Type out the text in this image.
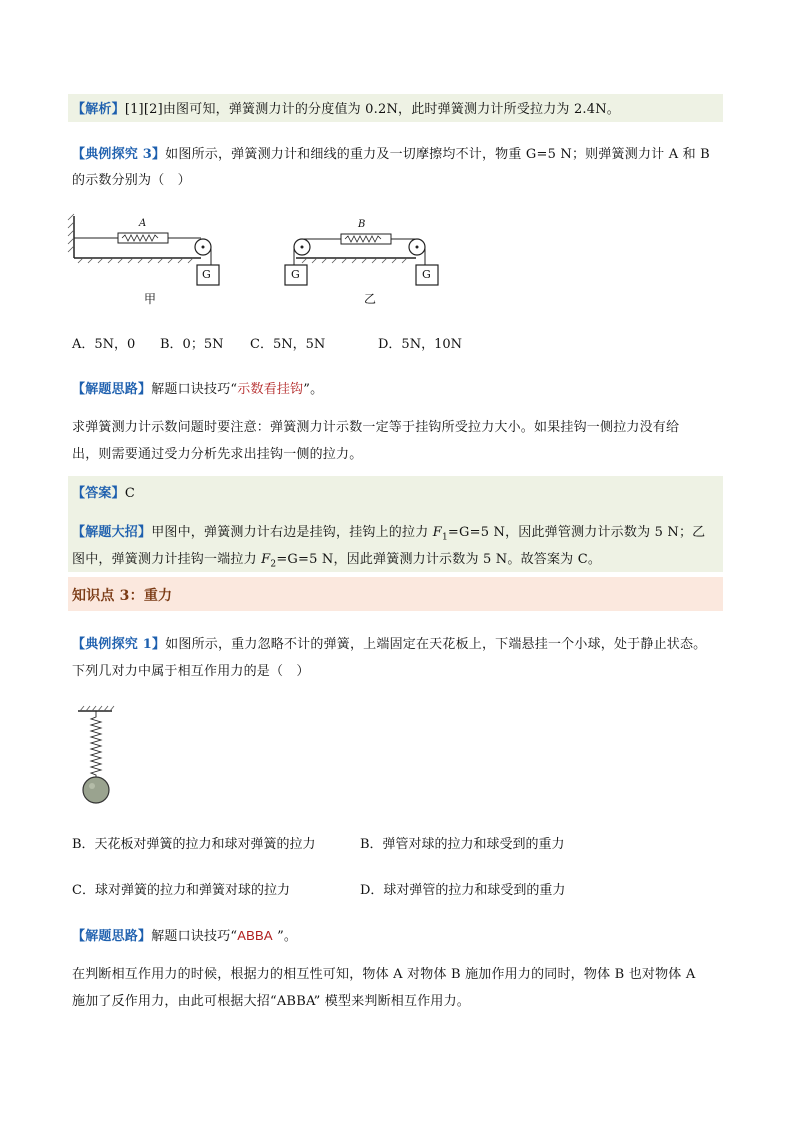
【解析】[1][2]由图可知，弹簧测力计的分度值为 0.2N，此时弹簧测力计所受拉力为 2.4N。
【典例探究 3】如图所示，弹簧测力计和细线的重力及一切摩擦均不计，物重 G=5 N；则弹簧测力计 A 和 B
的示数分别为（　）
A	B
G	G	G
甲	乙
A．5N，0 B．0；5N C．5N，5N	D．5N，10N
【解题思路】解题口诀技巧“示数看挂钩”。
求弹簧测力计示数问题时要注意：弹簧测力计示数一定等于挂钩所受拉力大小。如果挂钩一侧拉力没有给
出，则需要通过受力分析先求出挂钩一侧的拉力。
【答案】C
【解题大招】甲图中，弹簧测力计右边是挂钩，挂钩上的拉力 $F_1=G=5$ N，因此弹管测力计示数为 5 N；乙
图中，弹簧测力计挂钩一端拉力 $F_2=G=5$ N，因此弹簧测力计示数为 5 N。故答案为 C。
知识点 3：重力
【典例探究 1】如图所示，重力忽略不计的弹簧，上端固定在天花板上，下端悬挂一个小球，处于静止状态。
下列几对力中属于相互作用力的是（　）
B．天花板对弹簧的拉力和球对弹簧的拉力	B．弹管对球的拉力和球受到的重力
C．球对弹簧的拉力和弹簧对球的拉力	D．球对弹管的拉力和球受到的重力
【解题思路】解题口诀技巧“ABBA ”。
在判断相互作用力的时候，根据力的相互性可知，物体 A 对物体 B 施加作用力的同时，物体 B 也对物体 A
施加了反作用力，由此可根据大招“ABBA” 模型来判断相互作用力。
